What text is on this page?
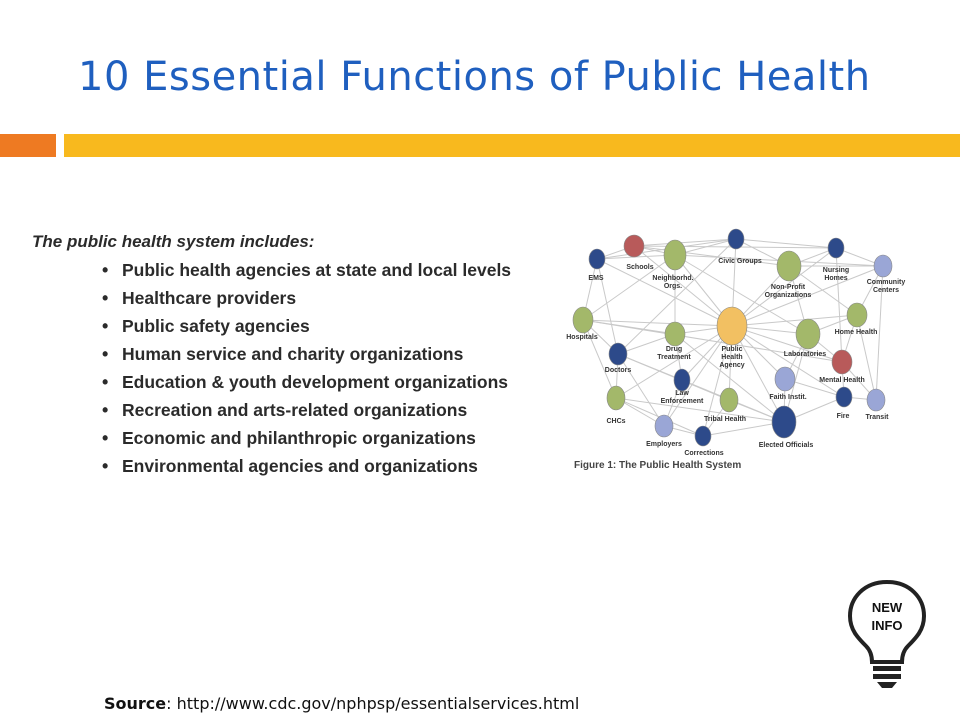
10 Essential Functions of Public Health

The public health system includes:

• Public health agencies at state and local levels
• Healthcare providers
• Public safety agencies
• Human service and charity organizations
• Education & youth development organizations
• Recreation and arts-related organizations
• Economic and philanthropic organizations
• Environmental agencies and organizations
EMS
Schools
Neighborhd. Orgs.
Civic Groups
Non-Profit Organizations
Nursing Homes
Community Centers
Hospitals
Drug Treatment
Public Health Agency
Laboratories
Home Health
Doctors
Mental Health
Law Enforcement
Faith Instit.
Fire Transit
CHCs	Tribal Health
Employers
Corrections
Elected Officials
Figure 1: The Public Health System
NEW
INFO
Source: http://www.cdc.gov/nphpsp/essentialservices.html
